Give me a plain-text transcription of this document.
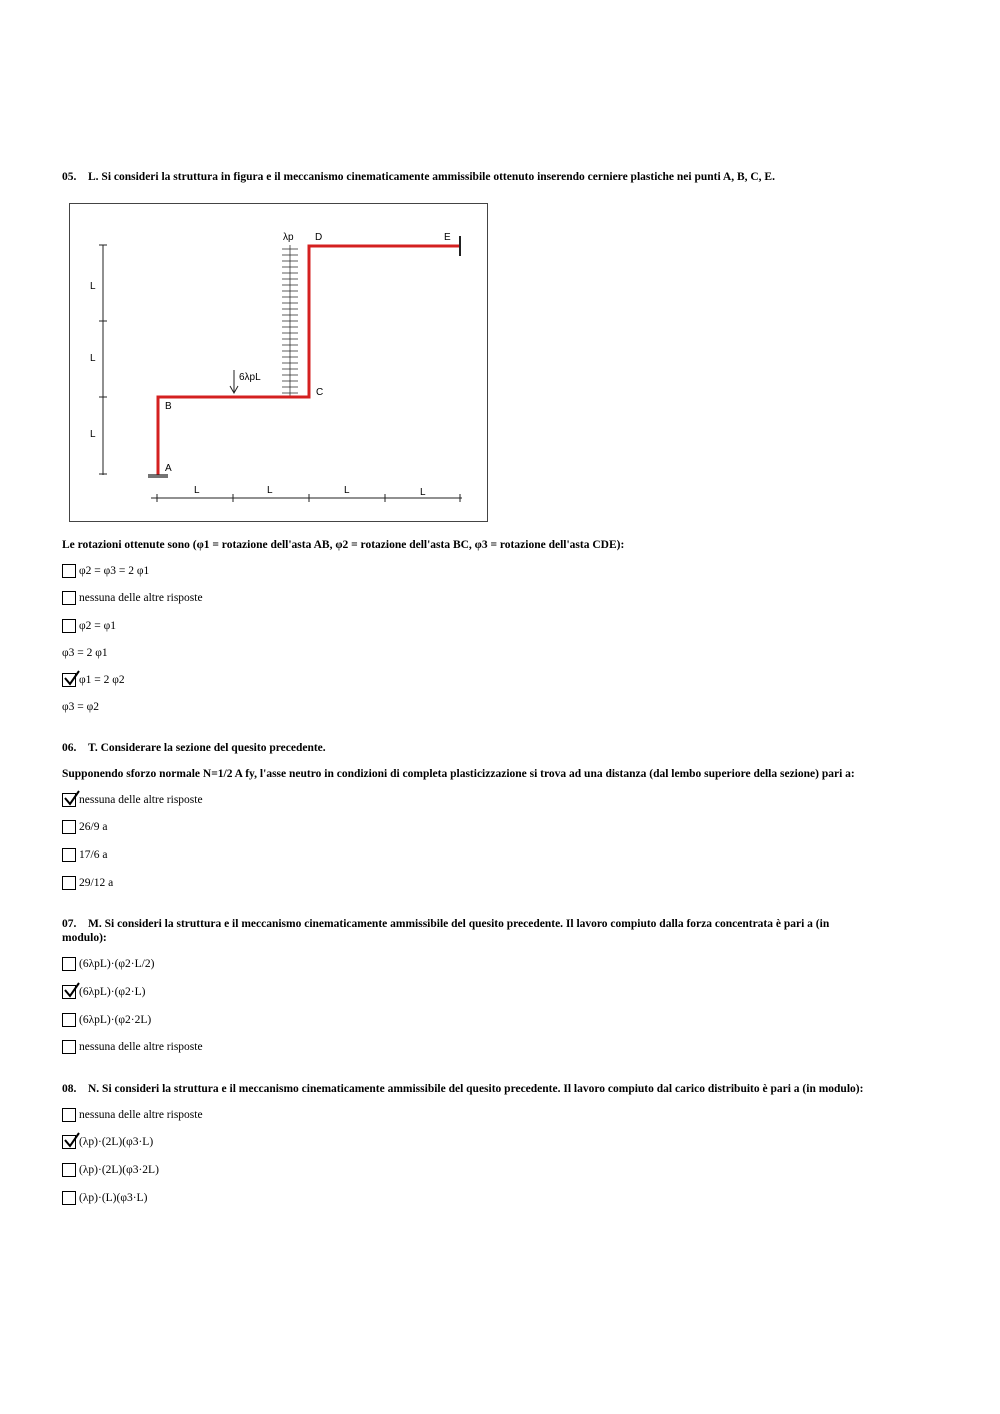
05. L. Si consideri la struttura in figura e il meccanismo cinematicamente ammissibile ottenuto inserendo cerniere plastiche nei punti A, B, C, E.
L
L
L
L	L	L	L
λp
6λpL
A
B
C
D	E
Le rotazioni ottenute sono (φ1 = rotazione dell'asta AB, φ2 = rotazione dell'asta BC, φ3 = rotazione dell'asta CDE):
φ2 = φ3 = 2 φ1
nessuna delle altre risposte
φ2 = φ1
φ3 = 2 φ1
φ1 = 2 φ2
φ3 = φ2
06. T. Considerare la sezione del quesito precedente.
Supponendo sforzo normale N=1/2 A fy, l'asse neutro in condizioni di completa plasticizzazione si trova ad una distanza (dal lembo superiore della sezione) pari a:
nessuna delle altre risposte
26/9 a
17/6 a
29/12 a
07. M. Si consideri la struttura e il meccanismo cinematicamente ammissibile del quesito precedente. Il lavoro compiuto dalla forza concentrata è pari a (in
modulo):
(6λpL)·(φ2·L/2)
(6λpL)·(φ2·L)
(6λpL)·(φ2·2L)
nessuna delle altre risposte
08. N. Si consideri la struttura e il meccanismo cinematicamente ammissibile del quesito precedente. Il lavoro compiuto dal carico distribuito è pari a (in modulo):
nessuna delle altre risposte
(λp)·(2L)(φ3·L)
(λp)·(2L)(φ3·2L)
(λp)·(L)(φ3·L)
